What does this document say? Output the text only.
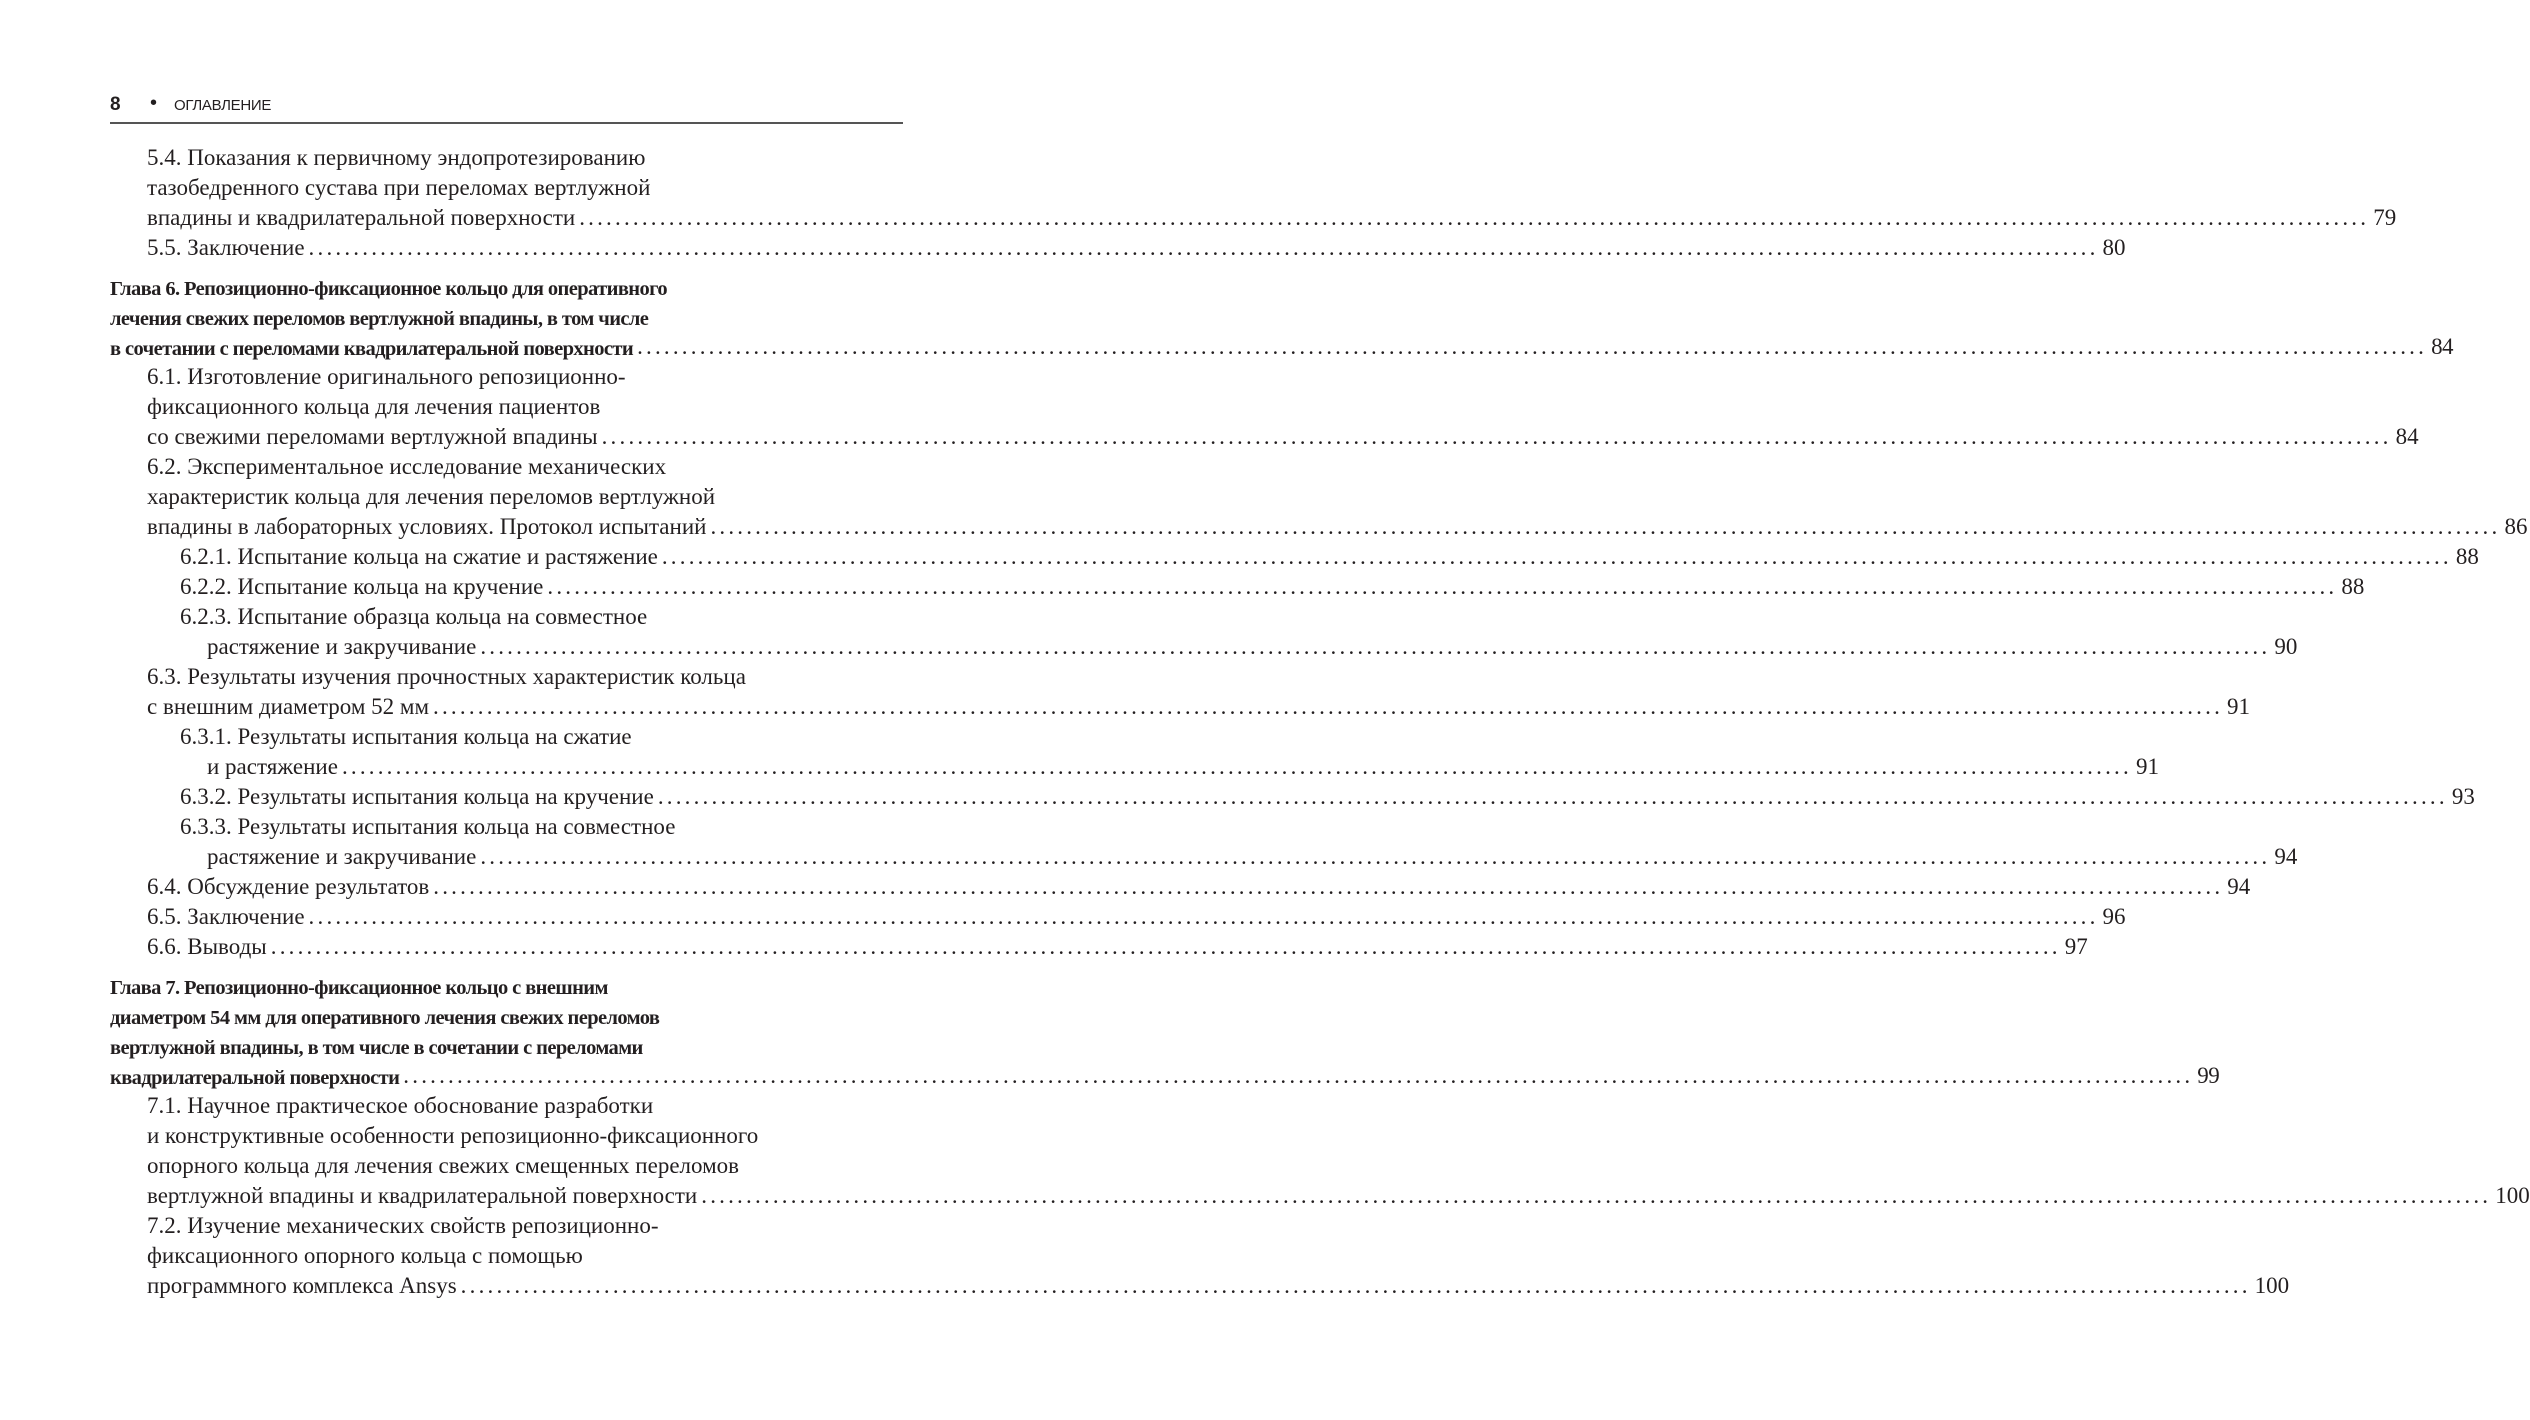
8 • ОГЛАВЛЕНИЕ
5.4. Показания к первичному эндопротезированию
тазобедренного сустава при переломах вертлужной
впадины и квадрилатеральной поверхности ........................................................................................................................................................................................................ 79
5.5. Заключение ........................................................................................................................................................................................................ 80
Глава 6. Репозиционно-фиксационное кольцо для оперативного
лечения свежих переломов вертлужной впадины, в том числе
в сочетании с переломами квадрилатеральной поверхности ........................................................................................................................................................................................................ 84
6.1. Изготовление оригинального репозиционно-
фиксационного кольца для лечения пациентов
со свежими переломами вертлужной впадины ........................................................................................................................................................................................................ 84
6.2. Экспериментальное исследование механических
характеристик кольца для лечения переломов вертлужной
впадины в лабораторных условиях. Протокол испытаний ........................................................................................................................................................................................................ 86
6.2.1. Испытание кольца на сжатие и растяжение ........................................................................................................................................................................................................ 88
6.2.2. Испытание кольца на кручение ........................................................................................................................................................................................................ 88
6.2.3. Испытание образца кольца на совместное
растяжение и закручивание ........................................................................................................................................................................................................ 90
6.3. Результаты изучения прочностных характеристик кольца
с внешним диаметром 52 мм ........................................................................................................................................................................................................ 91
6.3.1. Результаты испытания кольца на сжатие
и растяжение ........................................................................................................................................................................................................ 91
6.3.2. Результаты испытания кольца на кручение ........................................................................................................................................................................................................ 93
6.3.3. Результаты испытания кольца на совместное
растяжение и закручивание ........................................................................................................................................................................................................ 94
6.4. Обсуждение результатов ........................................................................................................................................................................................................ 94
6.5. Заключение ........................................................................................................................................................................................................ 96
6.6. Выводы ........................................................................................................................................................................................................ 97
Глава 7. Репозиционно-фиксационное кольцо с внешним
диаметром 54 мм для оперативного лечения свежих переломов
вертлужной впадины, в том числе в сочетании с переломами
квадрилатеральной поверхности ........................................................................................................................................................................................................ 99
7.1. Научное практическое обоснование разработки
и конструктивные особенности репозиционно-фиксационного
опорного кольца для лечения свежих смещенных переломов
вертлужной впадины и квадрилатеральной поверхности ........................................................................................................................................................................................................ 100
7.2. Изучение механических свойств репозиционно-
фиксационного опорного кольца с помощью
программного комплекса Ansys ........................................................................................................................................................................................................ 100
